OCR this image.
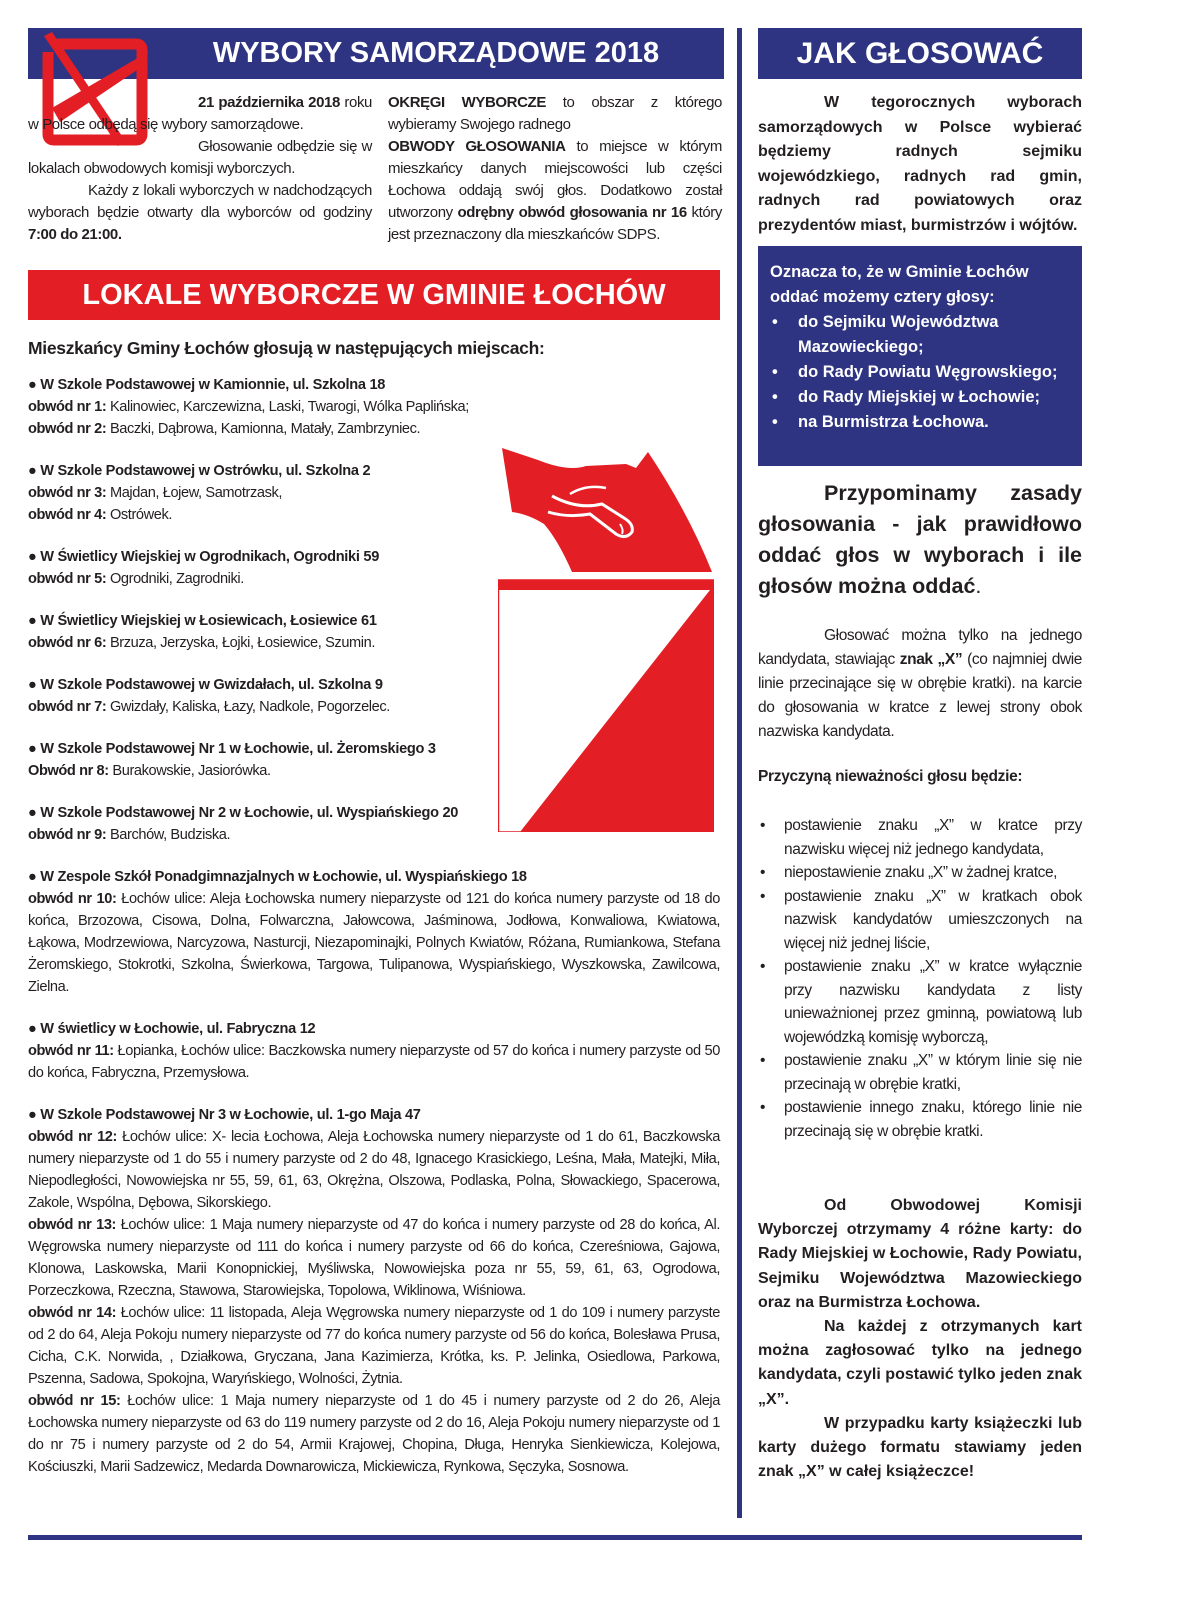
WYBORY SAMORZĄDOWE 2018

21 października 2018 roku w Polsce odbędą się wybory samorządowe.

Głosowanie odbędzie się w lokalach obwodowych komisji wyborczych.

Każdy z lokali wyborczych w nadchodzących wyborach będzie otwarty dla wyborców od godziny 7:00 do 21:00.

OKRĘGI WYBORCZE to obszar z którego wybieramy Swojego radnego

OBWODY GŁOSOWANIA to miejsce w którym mieszkańcy danych miejscowości lub części Łochowa oddają swój głos. Dodatkowo został utworzony odrębny obwód głosowania nr 16 który jest przeznaczony dla mieszkańców SDPS.

LOKALE WYBORCZE W GMINIE ŁOCHÓW
Mieszkańcy Gminy Łochów głosują w następujących miejscach:
● W Szkole Podstawowej w Kamionnie, ul. Szkolna 18
obwód nr 1: Kalinowiec, Karczewizna, Laski, Twarogi, Wólka Paplińska;
obwód nr 2: Baczki, Dąbrowa, Kamionna, Matały, Zambrzyniec.
● W Szkole Podstawowej w Ostrówku, ul. Szkolna 2
obwód nr 3: Majdan, Łojew, Samotrzask,
obwód nr 4: Ostrówek.
● W Świetlicy Wiejskiej w Ogrodnikach, Ogrodniki 59
obwód nr 5: Ogrodniki, Zagrodniki.
● W Świetlicy Wiejskiej w Łosiewicach, Łosiewice 61
obwód nr 6: Brzuza, Jerzyska, Łojki, Łosiewice, Szumin.
● W Szkole Podstawowej w Gwizdałach, ul. Szkolna 9
obwód nr 7: Gwizdały, Kaliska, Łazy, Nadkole, Pogorzelec.
● W Szkole Podstawowej Nr 1 w Łochowie, ul. Żeromskiego 3
Obwód nr 8: Burakowskie, Jasiorówka.
● W Szkole Podstawowej Nr 2 w Łochowie, ul. Wyspiańskiego 20
obwód nr 9: Barchów, Budziska.
● W Zespole Szkół Ponadgimnazjalnych w Łochowie, ul. Wyspiańskiego 18
obwód nr 10: Łochów ulice: Aleja Łochowska numery nieparzyste od 121 do końca numery parzyste od 18 do końca, Brzozowa, Cisowa, Dolna, Folwarczna, Jałowcowa, Jaśminowa, Jodłowa, Konwaliowa, Kwiatowa, Łąkowa, Modrzewiowa, Narcyzowa, Nasturcji, Niezapominajki, Polnych Kwiatów, Różana, Rumiankowa, Stefana Żeromskiego, Stokrotki, Szkolna, Świerkowa, Targowa, Tulipanowa, Wyspiańskiego, Wyszkowska, Zawilcowa, Zielna.
● W świetlicy w Łochowie, ul. Fabryczna 12
obwód nr 11: Łopianka, Łochów ulice: Baczkowska numery nieparzyste od 57 do końca i numery parzyste od 50 do końca, Fabryczna, Przemysłowa.
● W Szkole Podstawowej Nr 3 w Łochowie, ul. 1-go Maja 47
obwód nr 12: Łochów ulice: X- lecia Łochowa, Aleja Łochowska numery nieparzyste od 1 do 61, Baczkowska numery nieparzyste od 1 do 55 i numery parzyste od 2 do 48, Ignacego Krasickiego, Leśna, Mała, Matejki, Miła, Niepodległości, Nowowiejska nr 55, 59, 61, 63, Okrężna, Olszowa, Podlaska, Polna, Słowackiego, Spacerowa, Zakole, Wspólna, Dębowa, Sikorskiego.
obwód nr 13: Łochów ulice: 1 Maja numery nieparzyste od 47 do końca i numery parzyste od 28 do końca, Al. Węgrowska numery nieparzyste od 111 do końca i numery parzyste od 66 do końca, Czereśniowa, Gajowa, Klonowa, Laskowska, Marii Konopnickiej, Myśliwska, Nowowiejska poza nr 55, 59, 61, 63, Ogrodowa, Porzeczkowa, Rzeczna, Stawowa, Starowiejska, Topolowa, Wiklinowa, Wiśniowa.
obwód nr 14: Łochów ulice: 11 listopada, Aleja Węgrowska numery nieparzyste od 1 do 109 i numery parzyste od 2 do 64, Aleja Pokoju numery nieparzyste od 77 do końca numery parzyste od 56 do końca, Bolesława Prusa, Cicha, C.K. Norwida, , Działkowa, Gryczana, Jana Kazimierza, Krótka, ks. P. Jelinka, Osiedlowa, Parkowa, Pszenna, Sadowa, Spokojna, Waryńskiego, Wolności, Żytnia.
obwód nr 15: Łochów ulice: 1 Maja numery nieparzyste od 1 do 45 i numery parzyste od 2 do 26, Aleja Łochowska numery nieparzyste od 63 do 119 numery parzyste od 2 do 16, Aleja Pokoju numery nieparzyste od 1 do nr 75 i numery parzyste od 2 do 54, Armii Krajowej, Chopina, Długa, Henryka Sienkiewicza, Kolejowa, Kościuszki, Marii Sadzewicz, Medarda Downarowicza, Mickiewicza, Rynkowa, Sęczyka, Sosnowa.
JAK GŁOSOWAĆ

W tegorocznych wyborach samorządowych w Polsce wybierać będziemy radnych sejmiku wojewódzkiego, radnych rad gmin, radnych rad powiatowych oraz prezydentów miast, burmistrzów i wójtów.

Oznacza to, że w Gminie Łochów oddać możemy cztery głosy:

• do Sejmiku Województwa Mazowieckiego;
• do Rady Powiatu Węgrowskiego;
• do Rady Miejskiej w Łochowie;
• na Burmistrza Łochowa.

Przypominamy zasady głosowania - jak prawidłowo oddać głos w wyborach i ile głosów można oddać.

Głosować można tylko na jednego kandydata, stawiając znak „X” (co najmniej dwie linie przecinające się w obrębie kratki). na karcie do głosowania w kratce z lewej strony obok nazwiska kandydata.

Przyczyną nieważności głosu będzie:
• postawienie znaku „X” w kratce przy nazwisku więcej niż jednego kandydata,
• niepostawienie znaku „X” w żadnej kratce,
• postawienie znaku „X” w kratkach obok nazwisk kandydatów umieszczonych na więcej niż jednej liście,
• postawienie znaku „X” w kratce wyłącznie przy nazwisku kandydata z listy unieważnionej przez gminną, powiatową lub wojewódzką komisję wyborczą,
• postawienie znaku „X” w którym linie się nie przecinają w obrębie kratki,
• postawienie innego znaku, którego linie nie przecinają się w obrębie kratki.

Od Obwodowej Komisji Wyborczej otrzymamy 4 różne karty: do Rady Miejskiej w Łochowie, Rady Powiatu, Sejmiku Województwa Mazowieckiego oraz na Burmistrza Łochowa.

Na każdej z otrzymanych kart można zagłosować tylko na jednego kandydata, czyli postawić tylko jeden znak „X”.

W przypadku karty książeczki lub karty dużego formatu stawiamy jeden znak „X” w całej książeczce!
